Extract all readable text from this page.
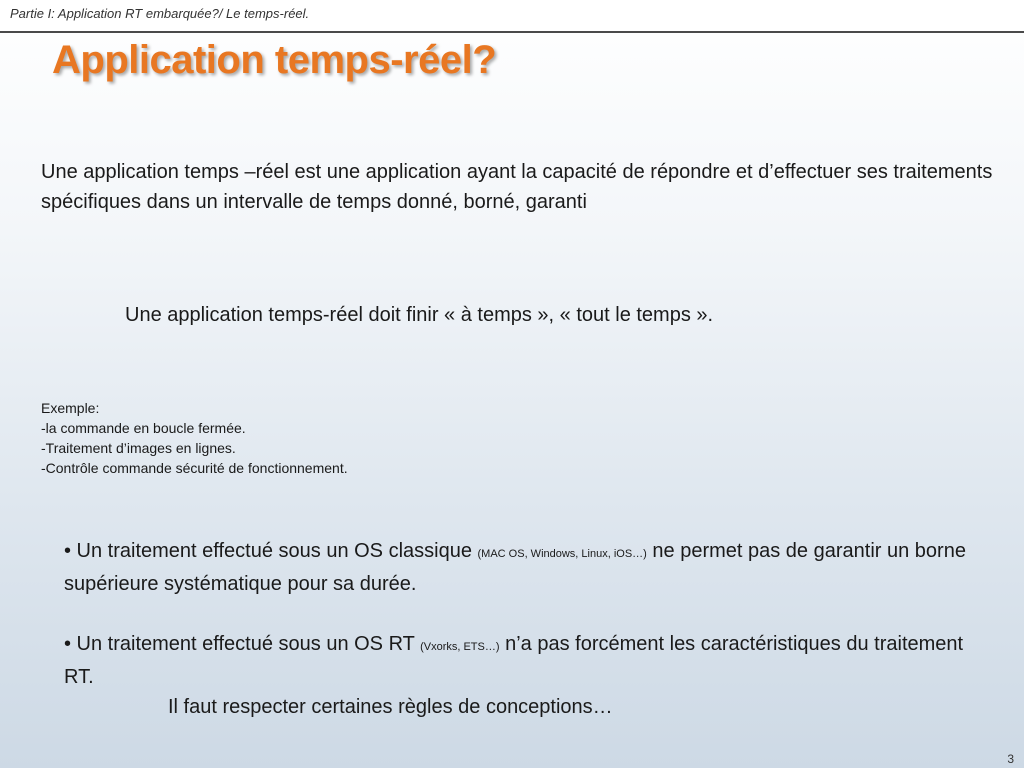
Partie I: Application RT embarquée?/ Le temps-réel.
Application temps-réel?
Une application temps –réel est une application ayant la capacité de répondre et d’effectuer ses traitements spécifiques dans un intervalle de temps donné, borné, garanti
Une application temps-réel doit finir « à temps », « tout le temps ».
Exemple:
-la commande en boucle fermée.
-Traitement d’images en lignes.
-Contrôle commande sécurité de fonctionnement.
• Un traitement effectué sous un OS classique (MAC OS, Windows, Linux, iOS…) ne permet pas de garantir un borne supérieure systématique pour sa durée.
• Un traitement effectué sous un OS RT (Vxorks, ETS…) n’a pas forcément les caractéristiques du traitement RT.
Il faut respecter certaines règles de conceptions…
3
